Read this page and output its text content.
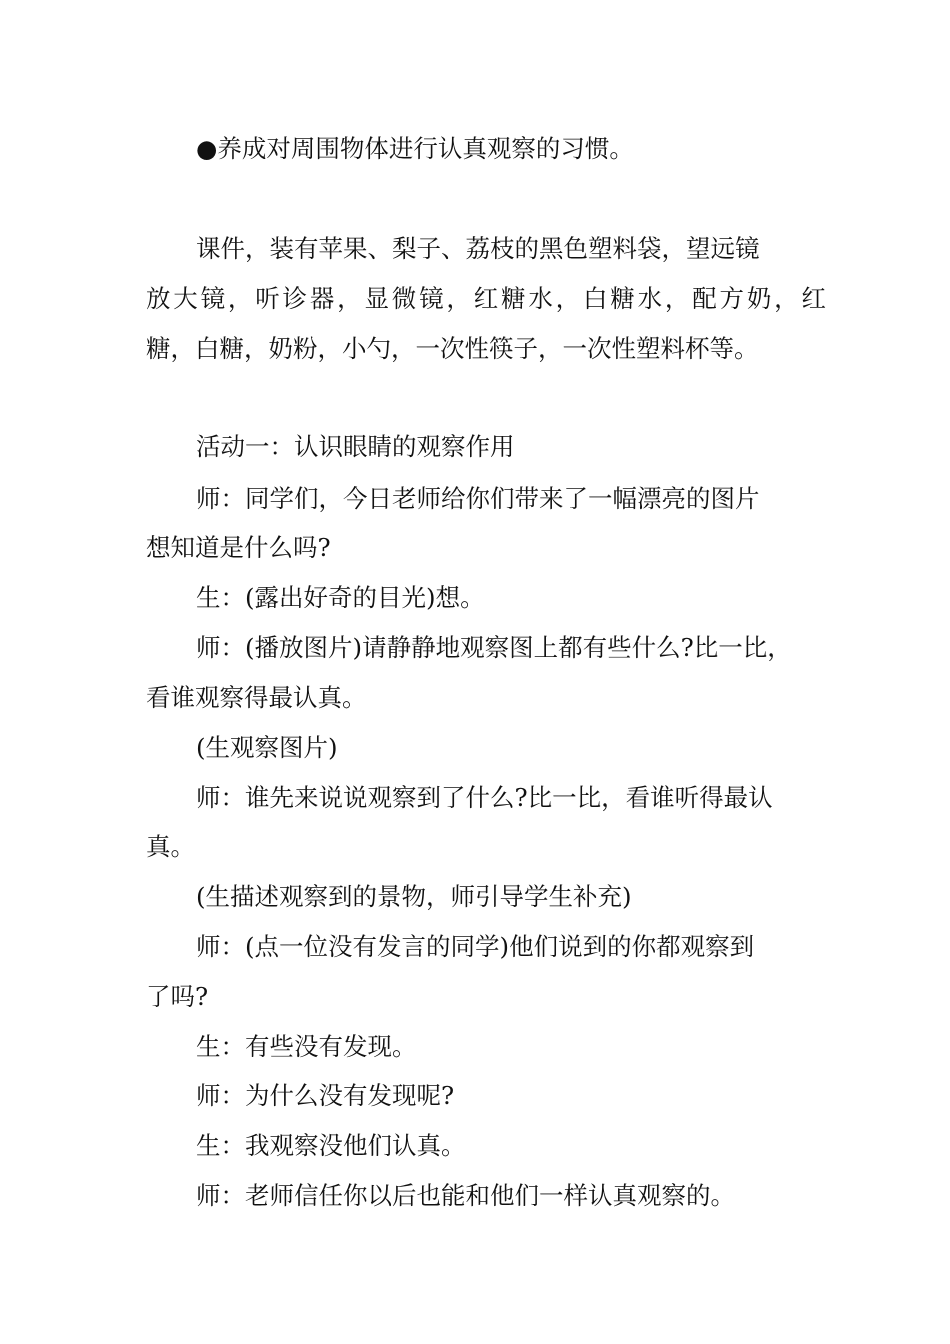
●养成对周围物体进行认真观察的习惯。
课件，装有苹果、梨子、荔枝的黑色塑料袋，望远镜
放大镜，听诊器，显微镜，红糖水，白糖水，配方奶，红
糖，白糖，奶粉，小勺，一次性筷子，一次性塑料杯等。
活动一：认识眼睛的观察作用
师：同学们，今日老师给你们带来了一幅漂亮的图片
想知道是什么吗?
生：(露出好奇的目光)想。
师：(播放图片)请静静地观察图上都有些什么?比一比，
看谁观察得最认真。
(生观察图片)
师：谁先来说说观察到了什么?比一比，看谁听得最认
真。
(生描述观察到的景物，师引导学生补充)
师：(点一位没有发言的同学)他们说到的你都观察到
了吗?
生：有些没有发现。
师：为什么没有发现呢?
生：我观察没他们认真。
师：老师信任你以后也能和他们一样认真观察的。
